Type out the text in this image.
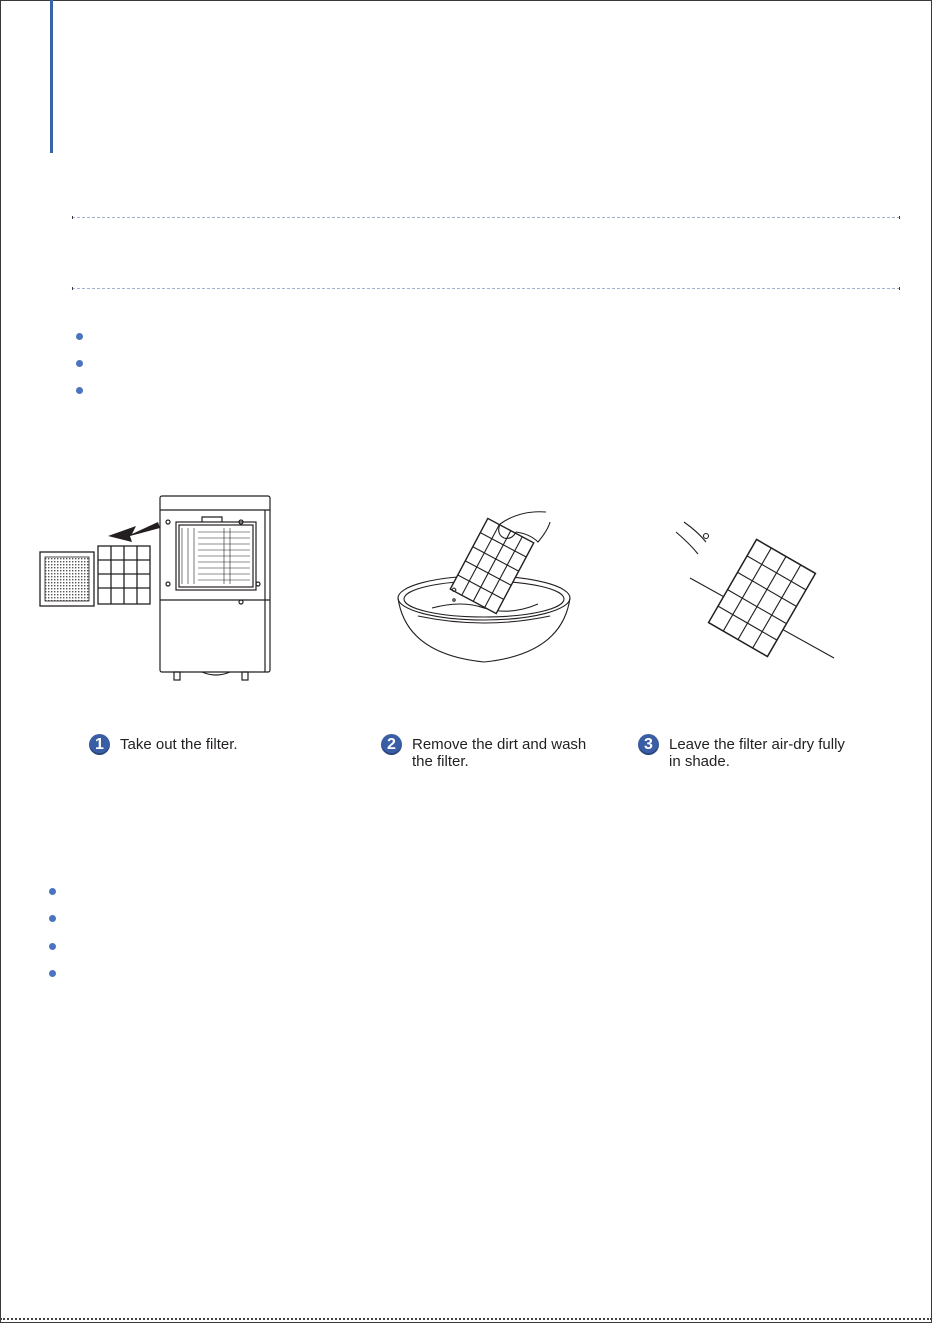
1	Take out the filter.	2	Remove the dirt and wash the filter.
3	Leave the filter air-dry fully in shade.
